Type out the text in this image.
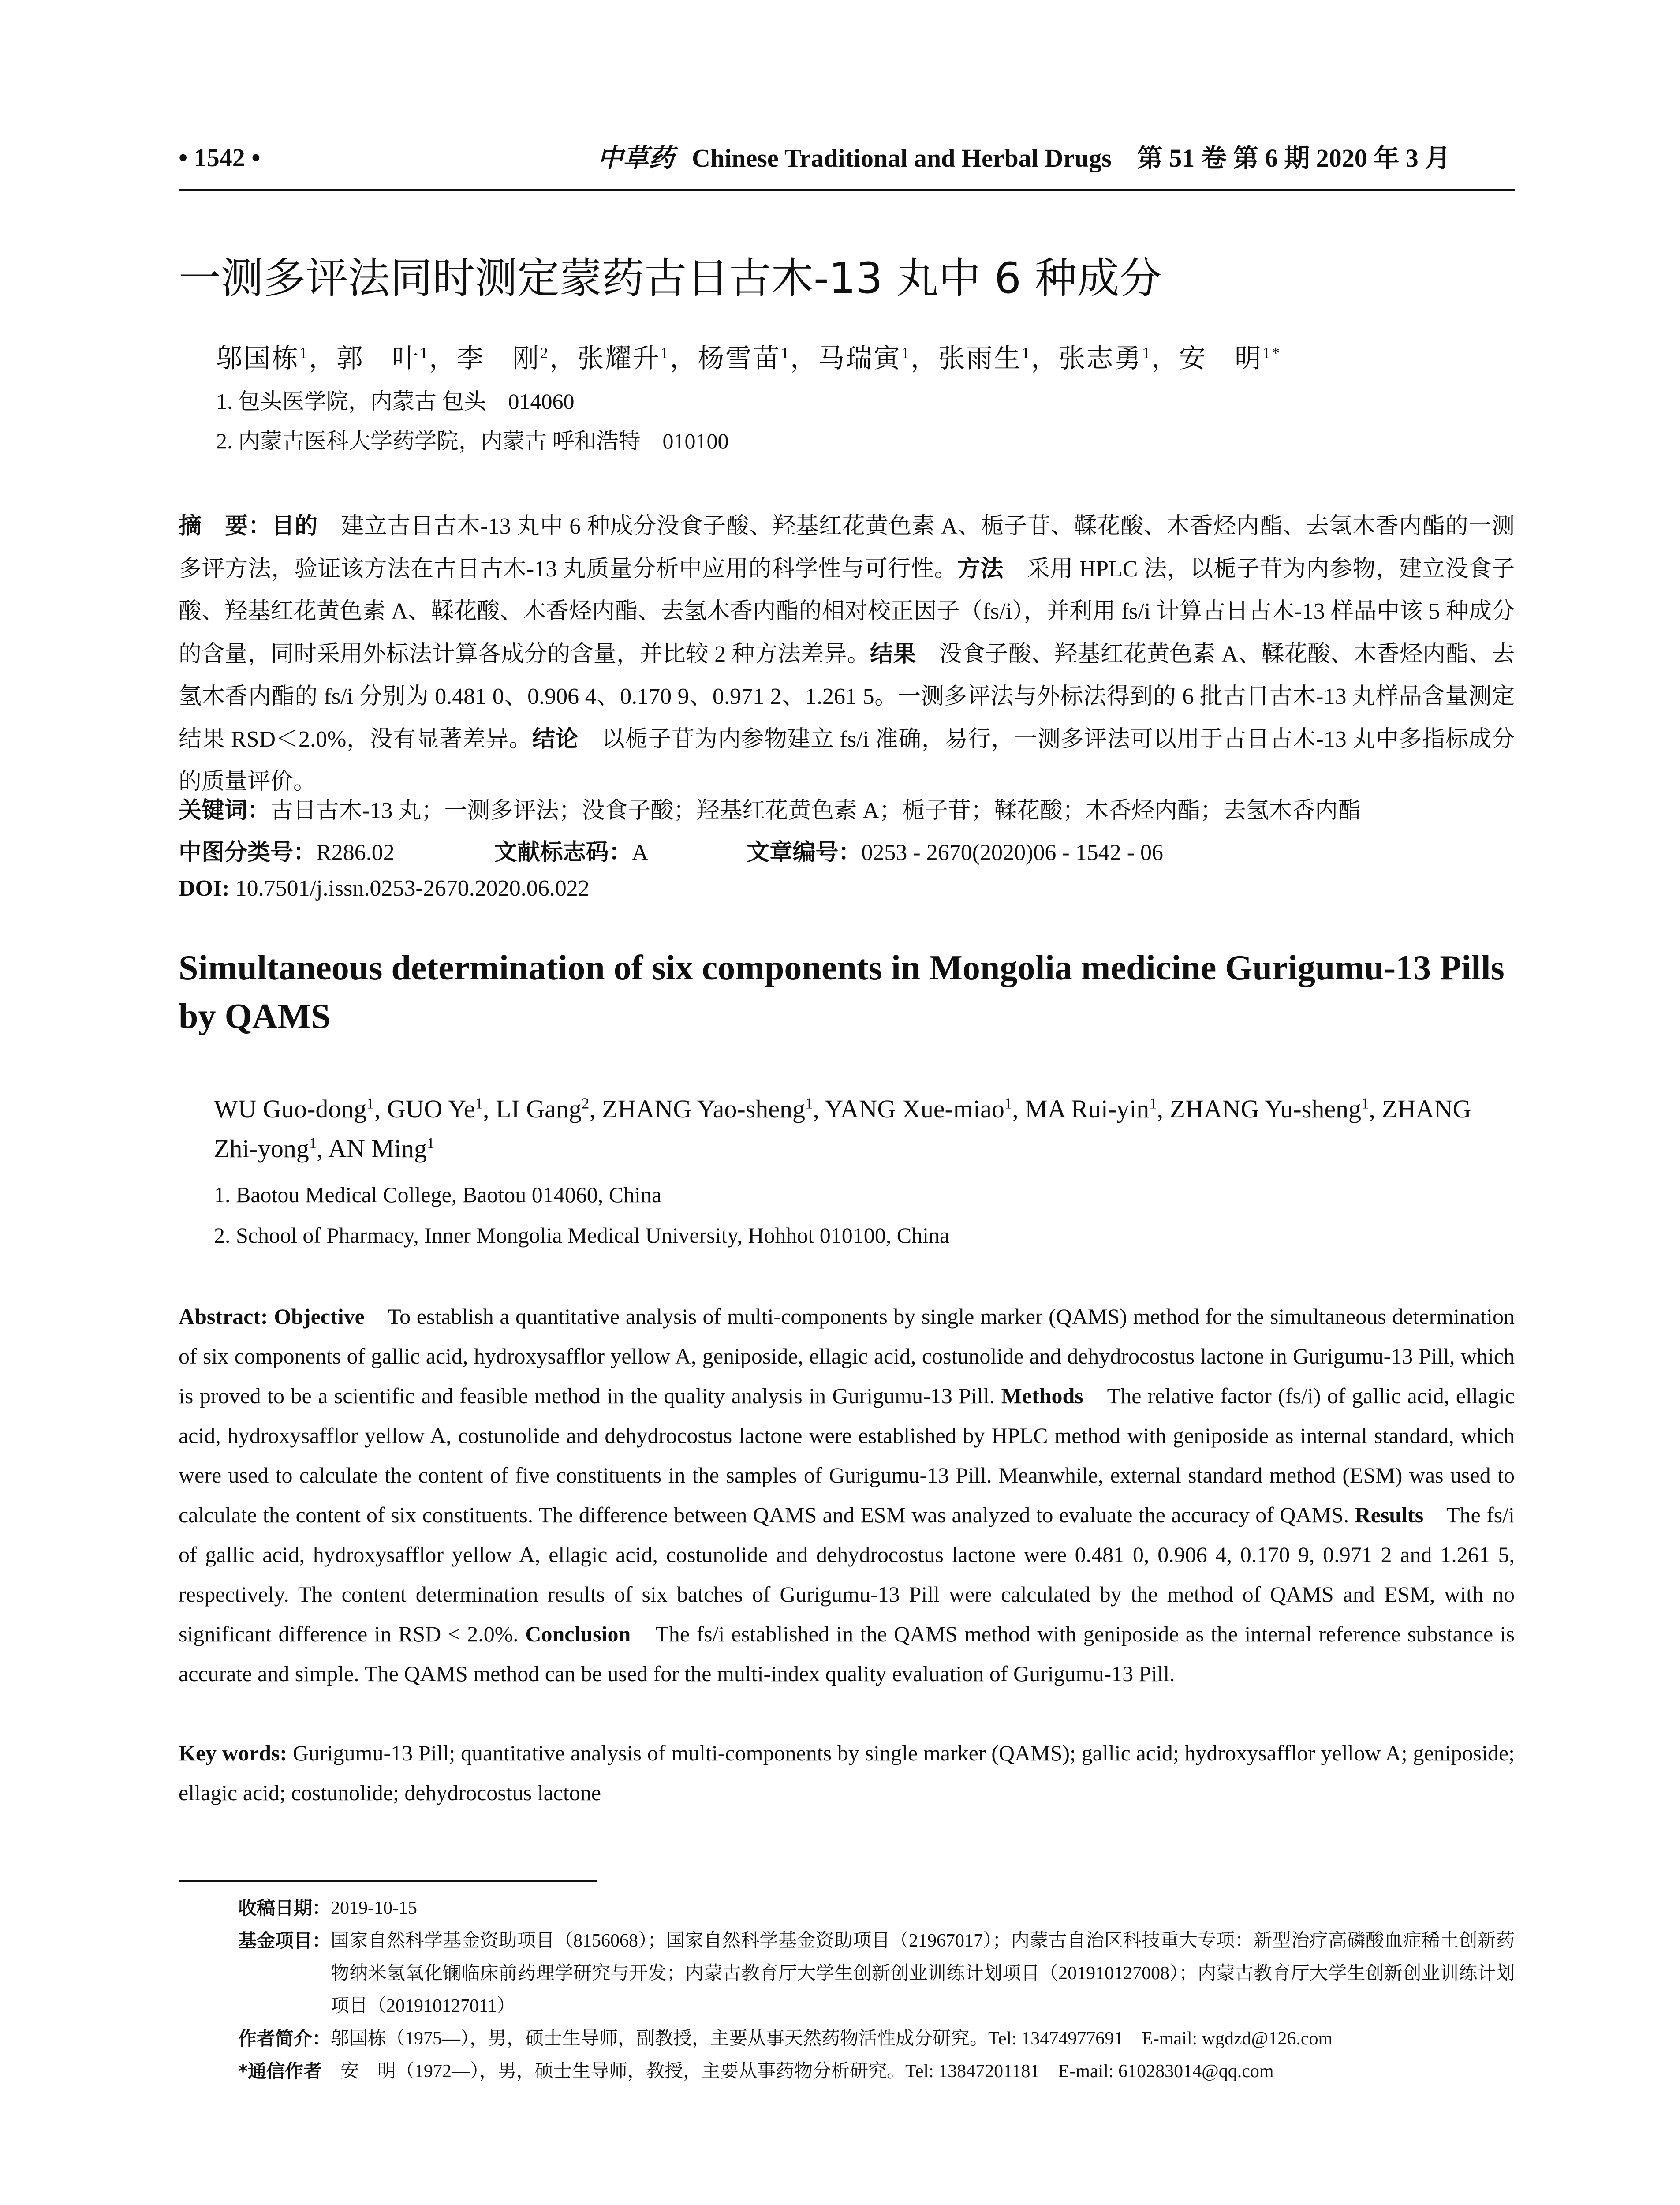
• 1542 •	中草药 Chinese Traditional and Herbal Drugs　第 51 卷 第 6 期 2020 年 3 月
一测多评法同时测定蒙药古日古木-13 丸中 6 种成分
邬国栋$^1$，郭　叶$^1$，李　刚$^2$，张耀升$^1$，杨雪苗$^1$，马瑞寅$^1$，张雨生$^1$，张志勇$^1$，安　明$^{1*}$
1. 包头医学院，内蒙古 包头　014060
2. 内蒙古医科大学药学院，内蒙古 呼和浩特　010100
摘　要：目的　建立古日古木-13 丸中 6 种成分没食子酸、羟基红花黄色素 A、栀子苷、鞣花酸、木香烃内酯、去氢木香内酯的一测多评方法，验证该方法在古日古木-13 丸质量分析中应用的科学性与可行性。方法　采用 HPLC 法，以栀子苷为内参物，建立没食子酸、羟基红花黄色素 A、鞣花酸、木香烃内酯、去氢木香内酯的相对校正因子（fs/i），并利用 fs/i 计算古日古木-13 样品中该 5 种成分的含量，同时采用外标法计算各成分的含量，并比较 2 种方法差异。结果　没食子酸、羟基红花黄色素 A、鞣花酸、木香烃内酯、去氢木香内酯的 fs/i 分别为 0.481 0、0.906 4、0.170 9、0.971 2、1.261 5。一测多评法与外标法得到的 6 批古日古木-13 丸样品含量测定结果 RSD＜2.0%，没有显著差异。结论　以栀子苷为内参物建立 fs/i 准确，易行，一测多评法可以用于古日古木-13 丸中多指标成分的质量评价。
关键词：古日古木-13 丸；一测多评法；没食子酸；羟基红花黄色素 A；栀子苷；鞣花酸；木香烃内酯；去氢木香内酯
中图分类号：R286.02	文献标志码：A	文章编号：0253 - 2670(2020)06 - 1542 - 06
DOI: 10.7501/j.issn.0253-2670.2020.06.022
Simultaneous determination of six components in Mongolia medicine Gurigumu-13 Pills by QAMS
WU Guo-dong$^1$, GUO Ye$^1$, LI Gang$^2$, ZHANG Yao-sheng$^1$, YANG Xue-miao$^1$, MA Rui-yin$^1$, ZHANG Yu-sheng$^1$, ZHANG Zhi-yong$^1$, AN Ming$^1$
1. Baotou Medical College, Baotou 014060, China
2. School of Pharmacy, Inner Mongolia Medical University, Hohhot 010100, China
Abstract: Objective　To establish a quantitative analysis of multi-components by single marker (QAMS) method for the simultaneous determination of six components of gallic acid, hydroxysafflor yellow A, geniposide, ellagic acid, costunolide and dehydrocostus lactone in Gurigumu-13 Pill, which is proved to be a scientific and feasible method in the quality analysis in Gurigumu-13 Pill. Methods　The relative factor (fs/i) of gallic acid, ellagic acid, hydroxysafflor yellow A, costunolide and dehydrocostus lactone were established by HPLC method with geniposide as internal standard, which were used to calculate the content of five constituents in the samples of Gurigumu-13 Pill. Meanwhile, external standard method (ESM) was used to calculate the content of six constituents. The difference between QAMS and ESM was analyzed to evaluate the accuracy of QAMS. Results　The fs/i of gallic acid, hydroxysafflor yellow A, ellagic acid, costunolide and dehydrocostus lactone were 0.481 0, 0.906 4, 0.170 9, 0.971 2 and 1.261 5, respectively. The content determination results of six batches of Gurigumu-13 Pill were calculated by the method of QAMS and ESM, with no significant difference in RSD < 2.0%. Conclusion　The fs/i established in the QAMS method with geniposide as the internal reference substance is accurate and simple. The QAMS method can be used for the multi-index quality evaluation of Gurigumu-13 Pill.
Key words: Gurigumu-13 Pill; quantitative analysis of multi-components by single marker (QAMS); gallic acid; hydroxysafflor yellow A; geniposide; ellagic acid; costunolide; dehydrocostus lactone
收稿日期： 2019-10-15
基金项目： 国家自然科学基金资助项目（8156068）；国家自然科学基金资助项目（21967017）；内蒙古自治区科技重大专项：新型治疗高磷酸血症稀土创新药物纳米氢氧化镧临床前药理学研究与开发；内蒙古教育厅大学生创新创业训练计划项目（201910127008）；内蒙古教育厅大学生创新创业训练计划项目（201910127011）
作者简介： 邬国栋（1975—），男，硕士生导师，副教授，主要从事天然药物活性成分研究。Tel: 13474977691　E-mail: wgdzd@126.com
*通信作者　 安　明（1972—），男，硕士生导师，教授，主要从事药物分析研究。Tel: 13847201181　E-mail: 610283014@qq.com
